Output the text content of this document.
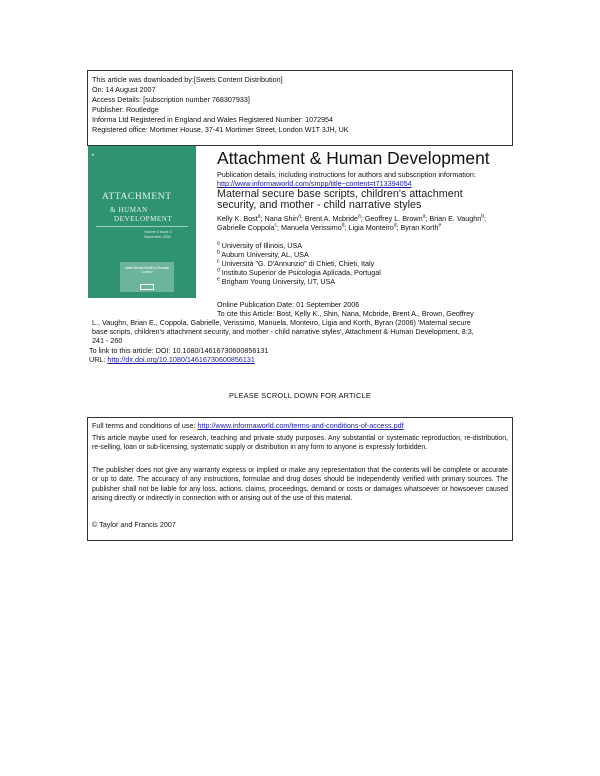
This article was downloaded by:[Swets Content Distribution]
On: 14 August 2007
Access Details: [subscription number 768307933]
Publisher: Routledge
Informa Ltd Registered in England and Wales Registered Number: 1072954
Registered office: Mortimer House, 37-41 Mortimer Street, London W1T 3JH, UK
▸
ATTACHMENT
& HUMAN
DEVELOPMENT
Volume 8 Issue 3 September 2006
Infant Mental Health in Russian Context
Attachment & Human Development
Publication details, including instructions for authors and subscription information:
http://www.informaworld.com/smpp/title~content=t713394054
Maternal secure base scripts, children's attachment
security, and mother - child narrative styles
Kelly K. Bost$^a$; Nana Shin$^a$; Brent A. Mcbride$^a$; Geoffrey L. Brown$^a$; Brian E. Vaughn$^b$; Gabrielle Coppola$^c$; Manuela Verissimo$^d$; Ligia Monteiro$^d$; Byran Korth$^e$
$^a$ University of Illinois, USA
$^b$ Auburn University, AL, USA
$^c$ Università "G. D'Annunzio" di Chieti, Chieti, Italy
$^d$ Instituto Superior de Psicologia Aplicada, Portugal
$^e$ Brigham Young University, UT, USA
Online Publication Date: 01 September 2006
To cite this Article: Bost, Kelly K., Shin, Nana, Mcbride, Brent A., Brown, Geoffrey
L., Vaughn, Brian E., Coppola, Gabrielle, Verissimo, Manuela, Monteiro, Ligia and Korth, Byran (2006) 'Maternal secure
base scripts, children's attachment security, and mother - child narrative styles', Attachment & Human Development, 8:3,
241 - 260
To link to this article: DOI: 10.1080/14616730600856131
URL: http://dx.doi.org/10.1080/14616730600856131
PLEASE SCROLL DOWN FOR ARTICLE
Full terms and conditions of use: http://www.informaworld.com/terms-and-conditions-of-access.pdf
This article maybe used for research, teaching and private study purposes. Any substantial or systematic reproduction, re-distribution, re-selling, loan or sub-licensing, systematic supply or distribution in any form to anyone is expressly forbidden.
The publisher does not give any warranty express or implied or make any representation that the contents will be complete or accurate or up to date. The accuracy of any instructions, formulae and drug doses should be independently verified with primary sources. The publisher shall not be liable for any loss, actions, claims, proceedings, demand or costs or damages whatsoever or howsoever caused arising directly or indirectly in connection with or arising out of the use of this material.
© Taylor and Francis 2007
